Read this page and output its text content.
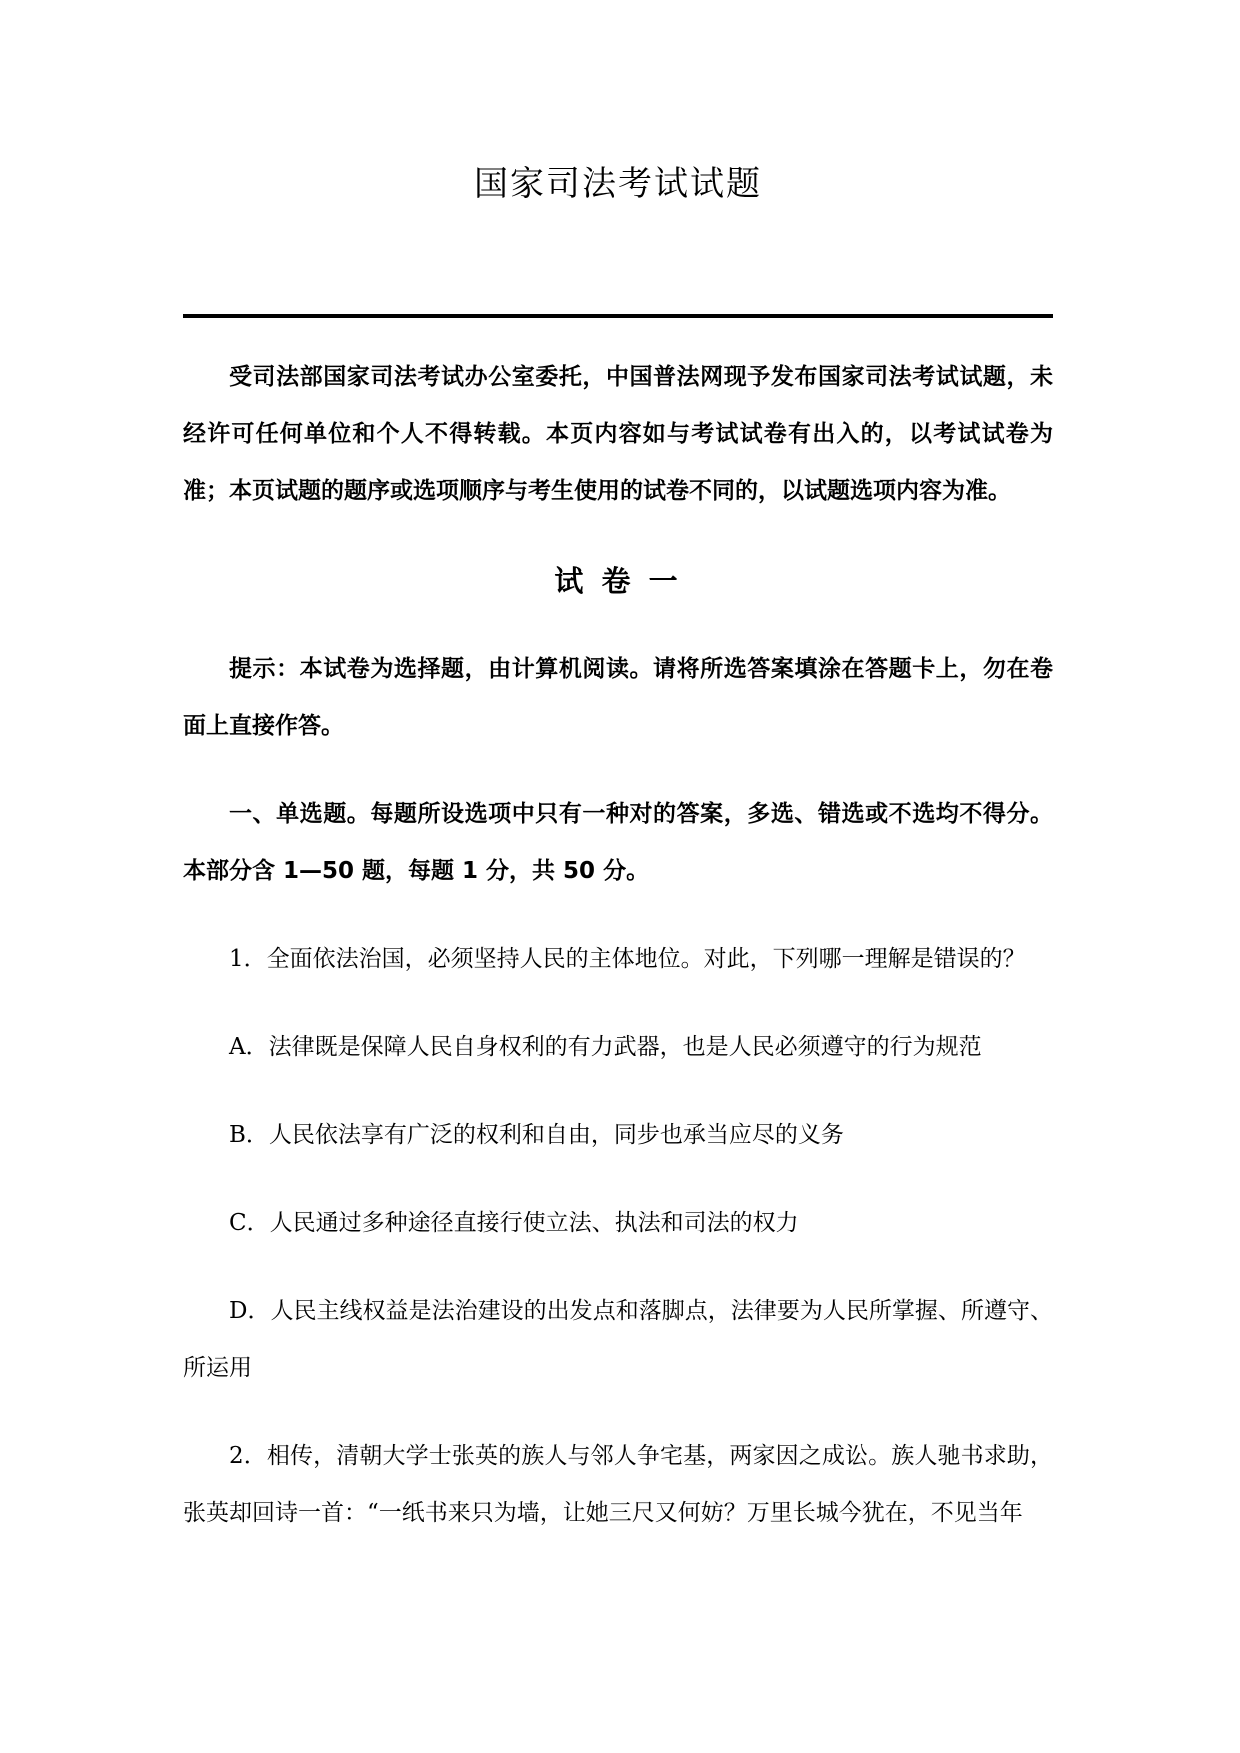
国家司法考试试题

受司法部国家司法考试办公室委托，中国普法网现予发布国家司法考试试题，未经许可任何单位和个人不得转载。本页内容如与考试试卷有出入的，以考试试卷为准；本页试题的题序或选项顺序与考生使用的试卷不同的，以试题选项内容为准。

试 卷 一

提示：本试卷为选择题，由计算机阅读。请将所选答案填涂在答题卡上，勿在卷面上直接作答。

一、单选题。每题所设选项中只有一种对的答案，多选、错选或不选均不得分。本部分含 1—50 题，每题 1 分，共 50 分。

1．全面依法治国，必须坚持人民的主体地位。对此，下列哪一理解是错误的？

A．法律既是保障人民自身权利的有力武器，也是人民必须遵守的行为规范

B．人民依法享有广泛的权利和自由，同步也承当应尽的义务

C．人民通过多种途径直接行使立法、执法和司法的权力

D．人民主线权益是法治建设的出发点和落脚点，法律要为人民所掌握、所遵守、所运用

2．相传，清朝大学士张英的族人与邻人争宅基，两家因之成讼。族人驰书求助，张英却回诗一首：“一纸书来只为墙，让她三尺又何妨？万里长城今犹在，不见当年
